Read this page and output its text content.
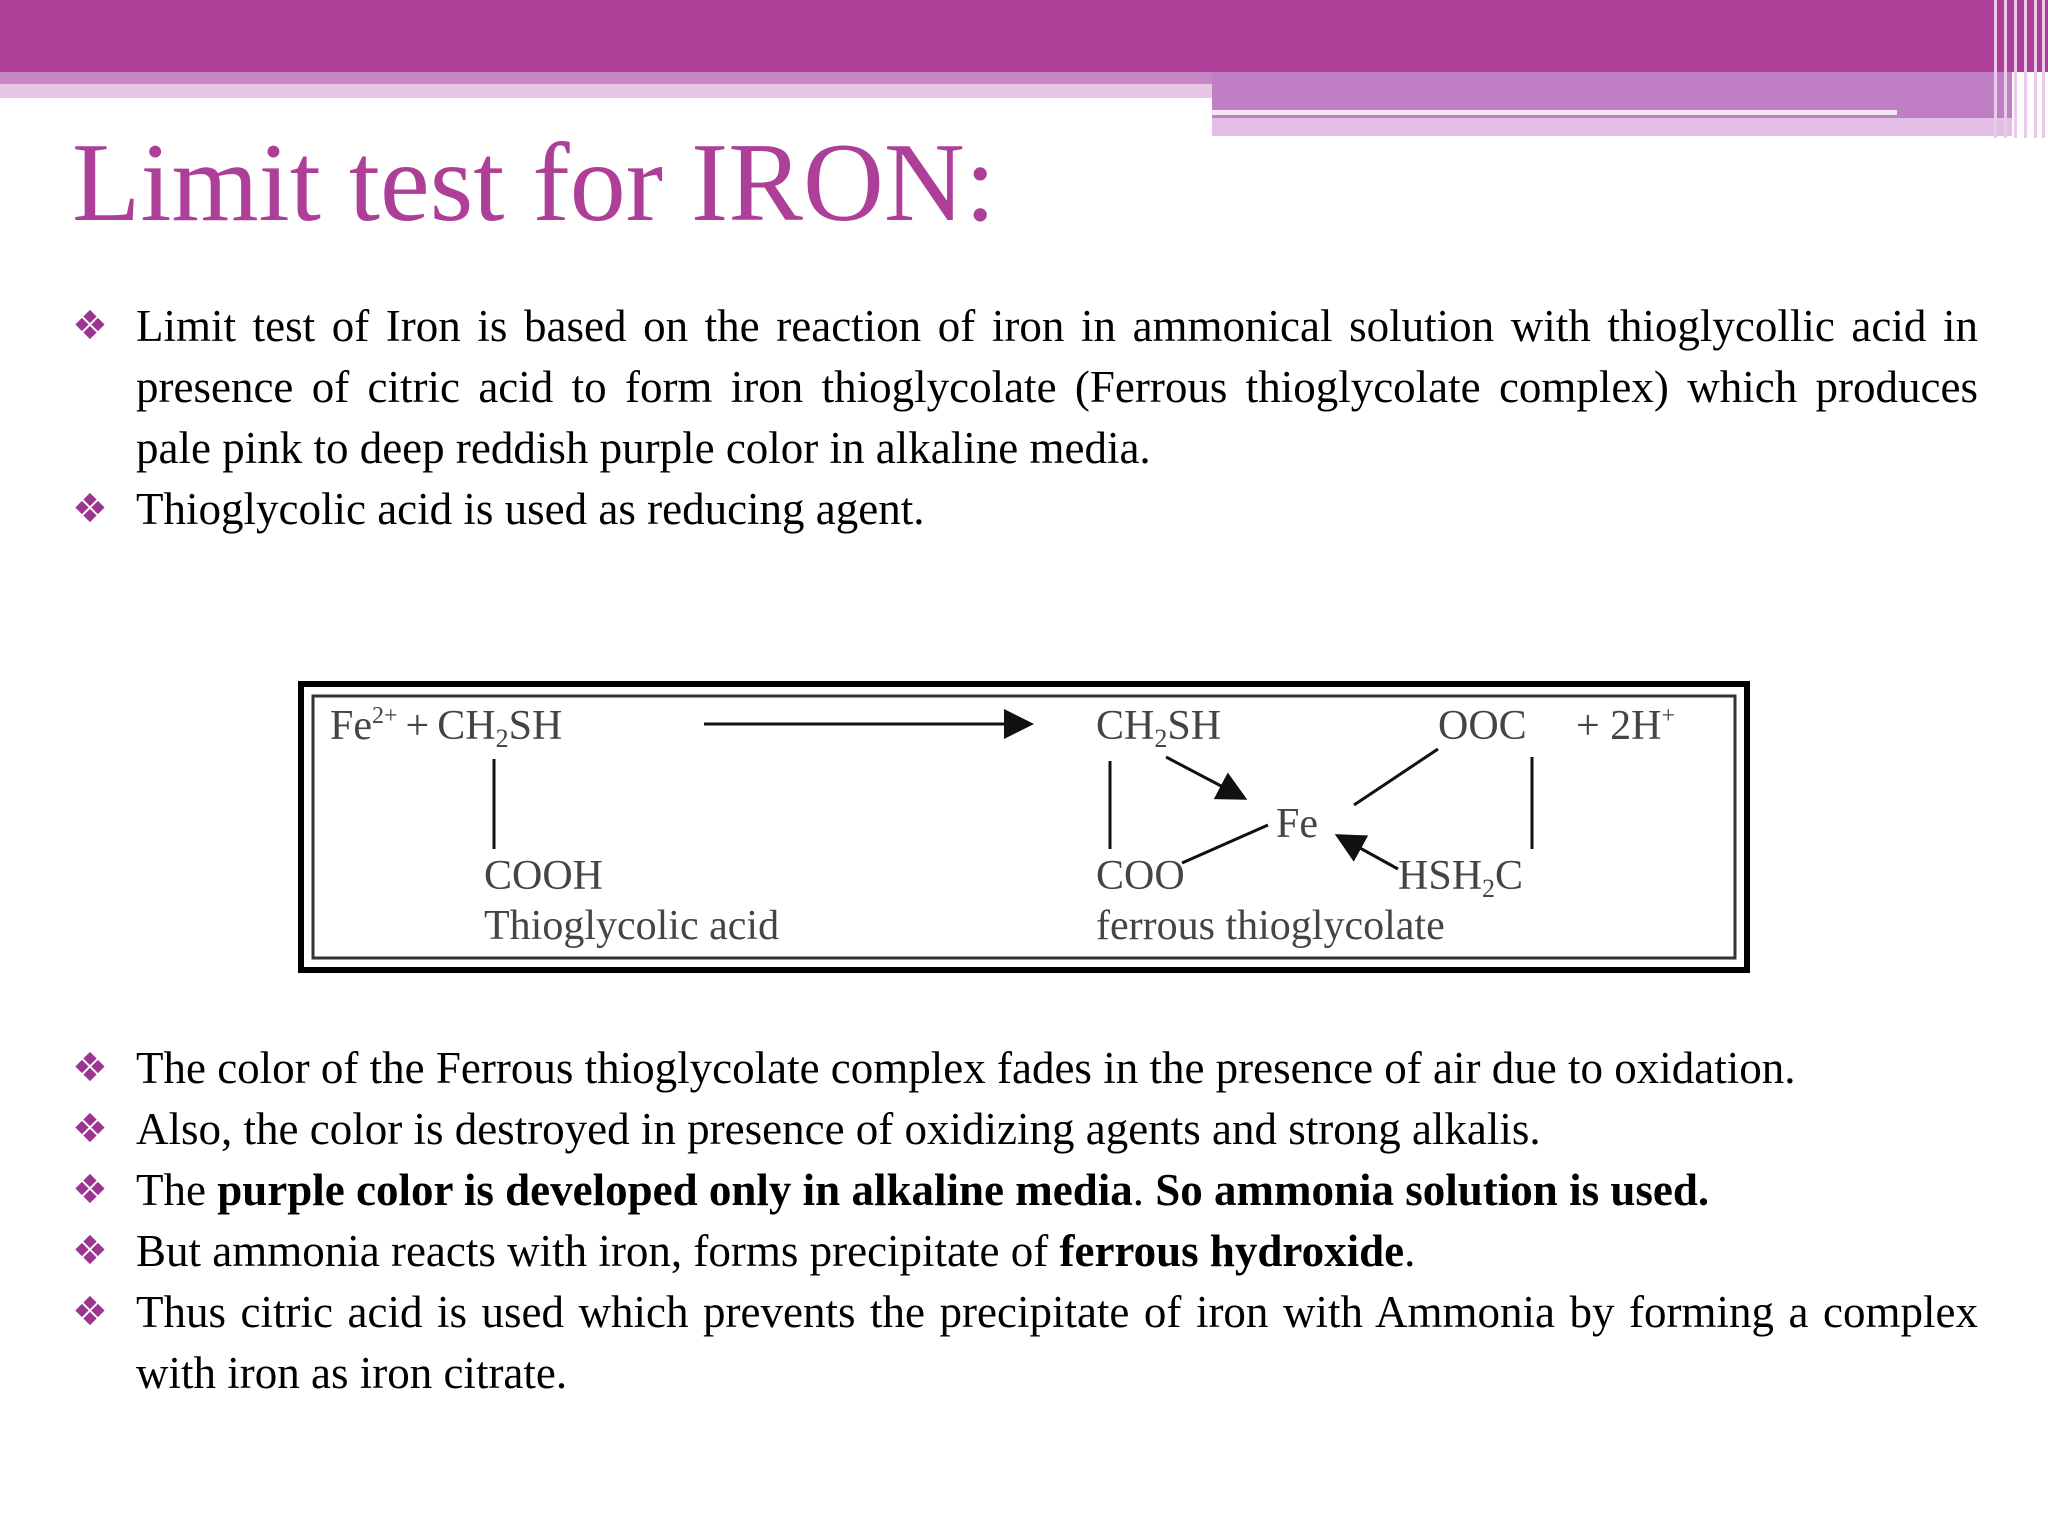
Limit test for IRON:
❖ Limit test of Iron is based on the reaction of iron in ammonical solution with thioglycollic acid in presence of citric acid to form iron thioglycolate (Ferrous thioglycolate complex) which produces pale pink to deep reddish purple color in alkaline media.
❖ Thioglycolic acid is used as reducing agent.
$Fe^{2+} + CH2SH$
COOH
Thioglycolic acid
CH2SH	OOC + 2H+
Fe
COO	HSH2C
ferrous thioglycolate
❖ The color of the Ferrous thioglycolate complex fades in the presence of air due to oxidation.
❖ Also, the color is destroyed in presence of oxidizing agents and strong alkalis.
❖ The purple color is developed only in alkaline media. So ammonia solution is used.
❖ But ammonia reacts with iron, forms precipitate of ferrous hydroxide.
❖ Thus citric acid is used which prevents the precipitate of iron with Ammonia by forming a complex with iron as iron citrate.
